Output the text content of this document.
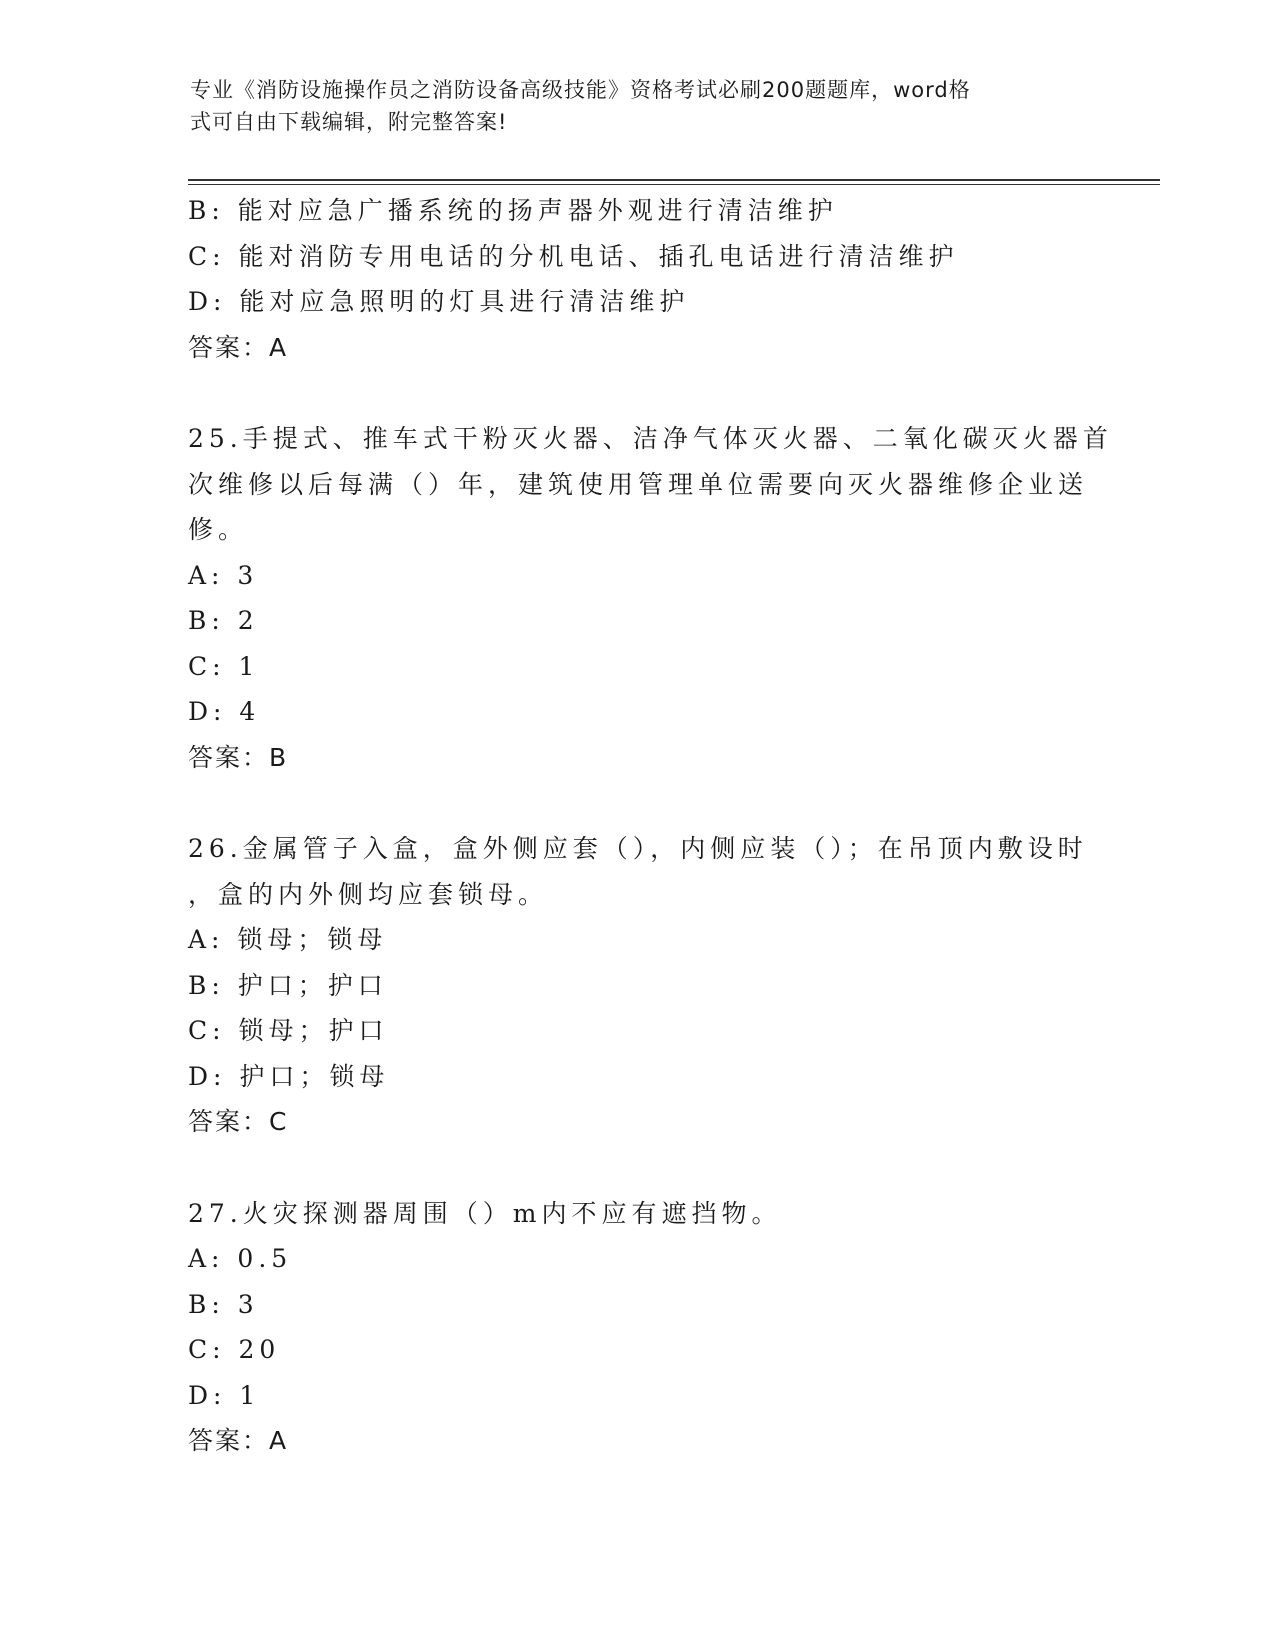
专业《消防设施操作员之消防设备高级技能》资格考试必刷200题题库，word格
式可自由下载编辑，附完整答案!
B: 能对应急广播系统的扬声器外观进行清洁维护
C: 能对消防专用电话的分机电话、插孔电话进行清洁维护
D: 能对应急照明的灯具进行清洁维护
答案：A
25.手提式、推车式干粉灭火器、洁净气体灭火器、二氧化碳灭火器首
次维修以后每满（）年，建筑使用管理单位需要向灭火器维修企业送
修。
A: 3
B: 2
C: 1
D: 4
答案：B
26.金属管子入盒，盒外侧应套（），内侧应装（）；在吊顶内敷设时
，盒的内外侧均应套锁母。
A: 锁母；锁母
B: 护口；护口
C: 锁母；护口
D: 护口；锁母
答案：C
27.火灾探测器周围（）m内不应有遮挡物。
A: 0.5
B: 3
C: 20
D: 1
答案：A
